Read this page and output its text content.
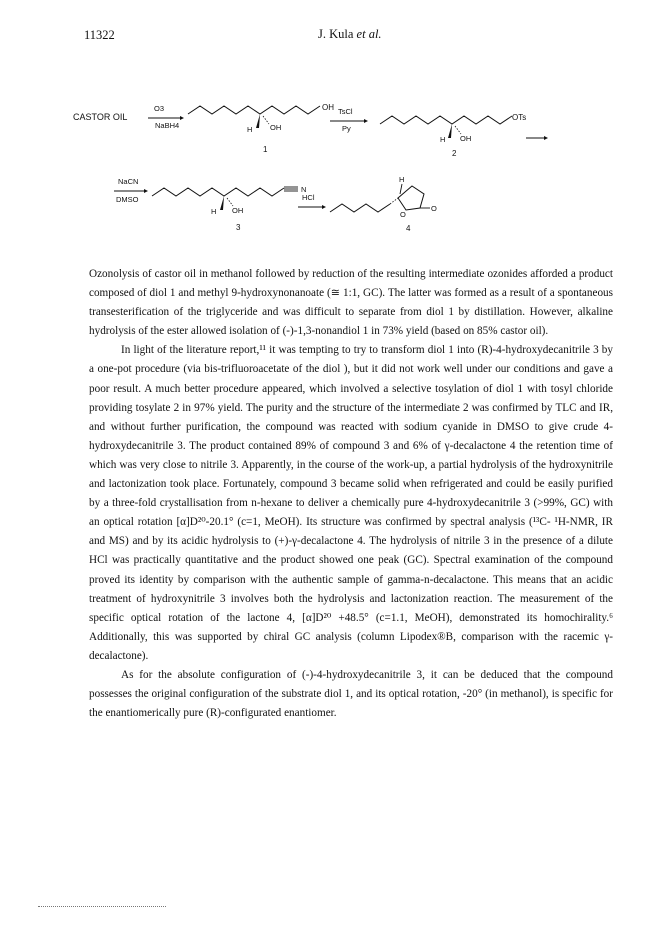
11322	J. Kula et al.
CASTOR OIL
O3
NaBH4
OH
H OH
1
TsCl
Py
OTs
H OH
2
NaCN
DMSO
N
H OH
3
HCl
H
O
O
4

Ozonolysis of castor oil in methanol followed by reduction of the resulting intermediate ozonides afforded a product composed of diol 1 and methyl 9-hydroxynonanoate (≅ 1:1, GC). The latter was formed as a result of a spontaneous transesterification of the triglyceride and was difficult to separate from diol 1 by distillation. However, alkaline hydrolysis of the ester allowed isolation of (-)-1,3-nonandiol 1 in 73% yield (based on 85% castor oil).

In light of the literature report,¹¹ it was tempting to try to transform diol 1 into (R)-4-hydroxydecanitrile 3 by a one-pot procedure (via bis-trifluoroacetate of the diol ), but it did not work well under our conditions and gave a poor result. A much better procedure appeared, which involved a selective tosylation of diol 1 with tosyl chloride providing tosylate 2 in 97% yield. The purity and the structure of the intermediate 2 was confirmed by TLC and IR, and without further purification, the compound was reacted with sodium cyanide in DMSO to give crude 4-hydroxydecanitrile 3. The product contained 89% of compound 3 and 6% of γ-decalactone 4 the retention time of which was very close to nitrile 3. Apparently, in the course of the work-up, a partial hydrolysis of the hydroxynitrile and lactonization took place. Fortunately, compound 3 became solid when refrigerated and could be easily purified by a three-fold crystallisation from n-hexane to deliver a chemically pure 4-hydroxydecanitrile 3 (>99%, GC) with an optical rotation [α]D²⁰-20.1° (c=1, MeOH). Its structure was confirmed by spectral analysis (¹³C- ¹H-NMR, IR and MS) and by its acidic hydrolysis to (+)-γ-decalactone 4. The hydrolysis of nitrile 3 in the presence of a dilute HCl was practically quantitative and the product showed one peak (GC). Spectral examination of the compound proved its identity by comparison with the authentic sample of gamma-n-decalactone. This means that an acidic treatment of hydroxynitrile 3 involves both the hydrolysis and lactonization reaction. The measurement of the specific optical rotation of the lactone 4, [α]D²⁰ +48.5° (c=1.1, MeOH), demonstrated its homochirality.⁶ Additionally, this was supported by chiral GC analysis (column Lipodex®B, comparison with the racemic γ-decalactone).

As for the absolute configuration of (-)-4-hydroxydecanitrile 3, it can be deduced that the compound possesses the original configuration of the substrate diol 1, and its optical rotation, -20° (in methanol), is specific for the enantiomerically pure (R)-configurated enantiomer.
